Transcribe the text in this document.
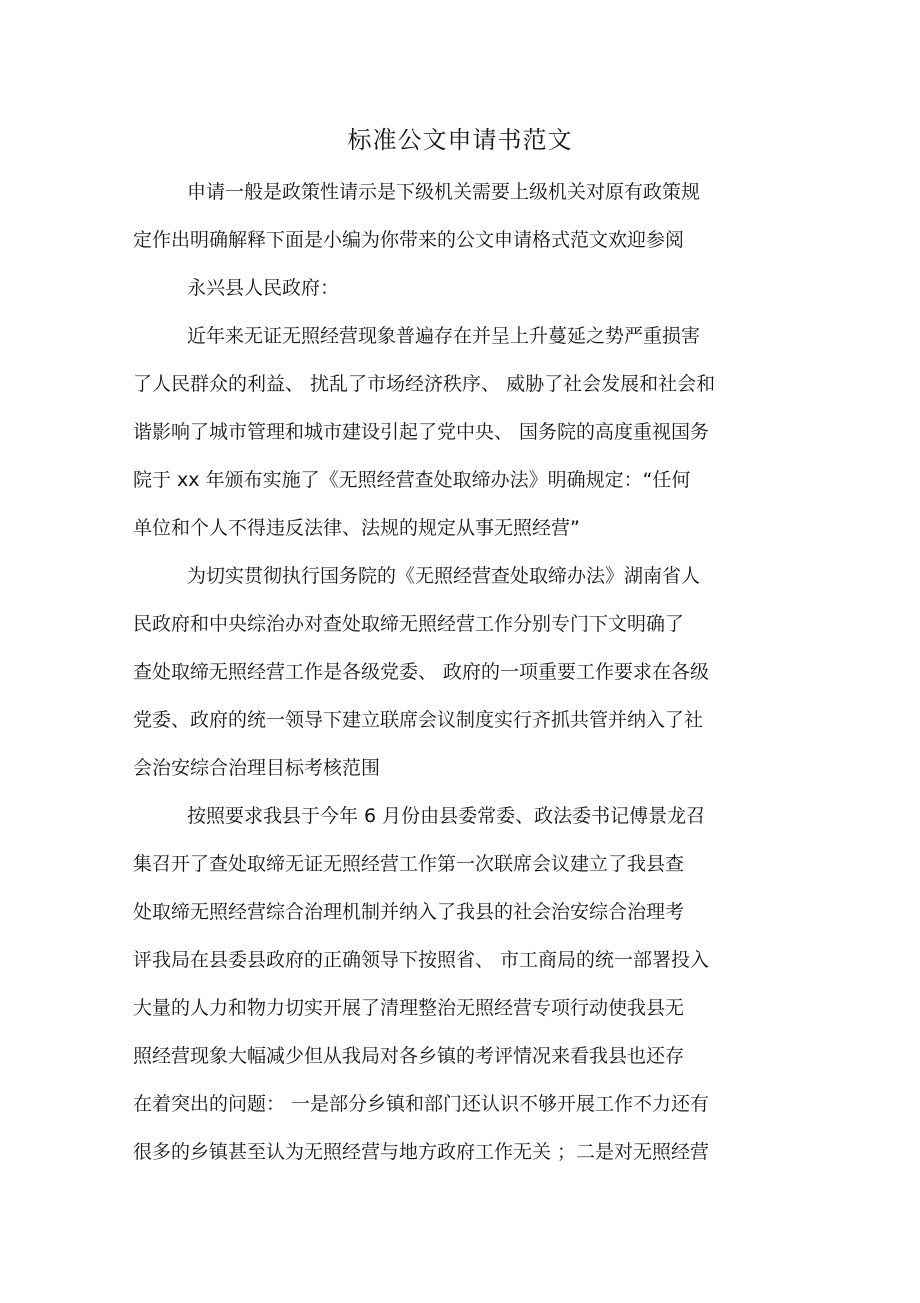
标准公文申请书范文

申请一般是政策性请示是下级机关需要上级机关对原有政策规

定作出明确解释下面是小编为你带来的公文申请格式范文欢迎参阅

永兴县人民政府：

近年来无证无照经营现象普遍存在并呈上升蔓延之势严重损害

了人民群众的利益、 扰乱了市场经济秩序、 威胁了社会发展和社会和

谐影响了城市管理和城市建设引起了党中央、 国务院的高度重视国务

院于 xx 年颁布实施了《无照经营查处取缔办法》明确规定：“任何

单位和个人不得违反法律、法规的规定从事无照经营”

为切实贯彻执行国务院的《无照经营查处取缔办法》湖南省人

民政府和中央综治办对查处取缔无照经营工作分别专门下文明确了

查处取缔无照经营工作是各级党委、 政府的一项重要工作要求在各级

党委、政府的统一领导下建立联席会议制度实行齐抓共管并纳入了社

会治安综合治理目标考核范围

按照要求我县于今年 6 月份由县委常委、政法委书记傅景龙召

集召开了查处取缔无证无照经营工作第一次联席会议建立了我县查

处取缔无照经营综合治理机制并纳入了我县的社会治安综合治理考

评我局在县委县政府的正确领导下按照省、 市工商局的统一部署投入

大量的人力和物力切实开展了清理整治无照经营专项行动使我县无

照经营现象大幅减少但从我局对各乡镇的考评情况来看我县也还存

在着突出的问题： 一是部分乡镇和部门还认识不够开展工作不力还有

很多的乡镇甚至认为无照经营与地方政府工作无关 ；二是对无照经营
